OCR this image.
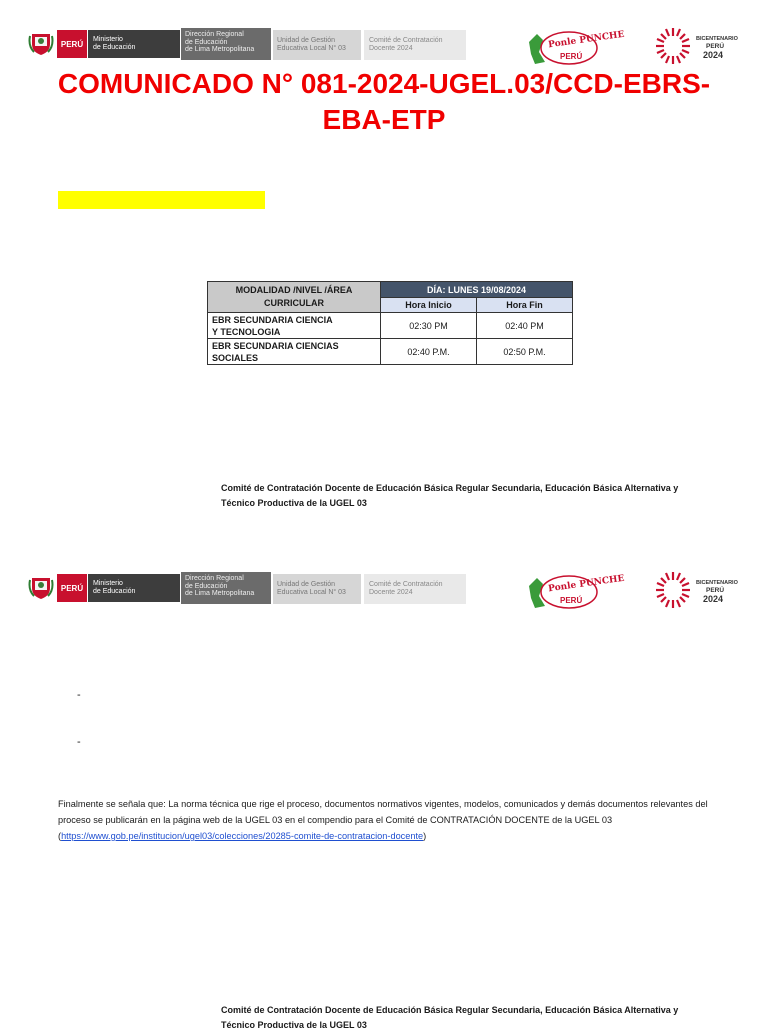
PERÚ Ministerio
de Educación
Dirección Regional
de Educación
de Lima Metropolitana
Unidad de Gestión
Educativa Local N° 03
Comité de Contratación
Docente 2024	Ponle PUNCHE
PERÚ
BICENTENARIO
PERÚ
2024
COMUNICADO N° 081-2024-UGEL.03/CCD-EBRS-
EBA-ETP
MODALIDAD /NIVEL /ÁREA
CURRICULAR	DÍA: LUNES 19/08/2024	
	Hora Inicio	Hora Fin

EBR SECUNDARIA CIENCIA
Y TECNOLOGIA	02:30 PM	02:40 PM

EBR SECUNDARIA CIENCIAS
SOCIALES	02:40 P.M.	02:50 P.M.
Comité de Contratación Docente de Educación Básica Regular Secundaria, Educación Básica Alternativa y
Técnico Productiva de la UGEL 03
PERÚ Ministerio
de Educación
Dirección Regional
de Educación
de Lima Metropolitana
Unidad de Gestión
Educativa Local N° 03
Comité de Contratación
Docente 2024	Ponle PUNCHE
PERÚ
BICENTENARIO
PERÚ
2024
-
-
Finalmente se señala que: La norma técnica que rige el proceso, documentos normativos vigentes, modelos, comunicados y demás documentos relevantes del proceso se publicarán en la página web de la UGEL 03 en el compendio para el Comité de CONTRATACIÓN DOCENTE de la UGEL 03 (https://www.gob.pe/institucion/ugel03/colecciones/20285-comite-de-contratacion-docente)
Comité de Contratación Docente de Educación Básica Regular Secundaria, Educación Básica Alternativa y
Técnico Productiva de la UGEL 03
